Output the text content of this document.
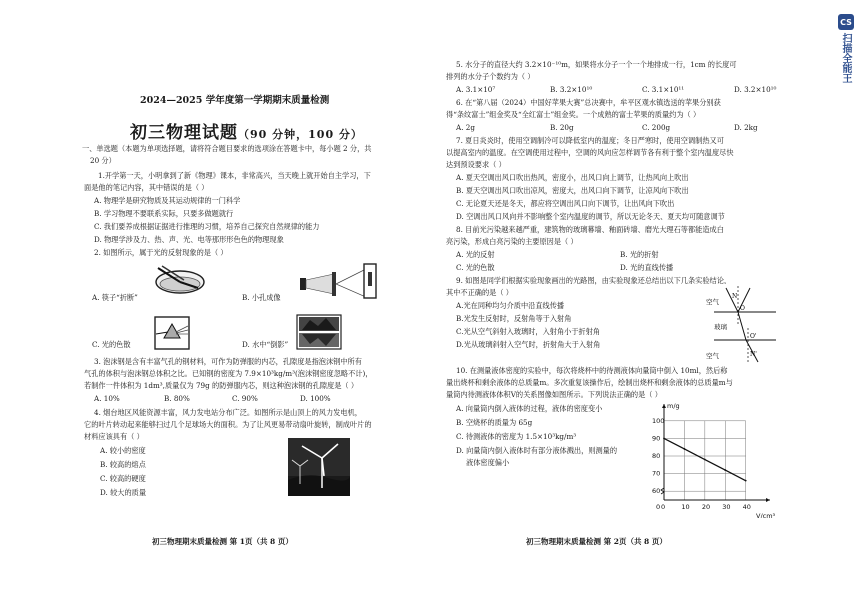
2024—2025 学年度第一学期期末质量检测
初三物理试题（90 分钟，100 分）
一、单选题（本题为单项选择题，请将符合题目要求的选项涂在答题卡中，每小题 2 分，共
20 分）
1.开学第一天，小明拿到了新《物理》课本，非常高兴，当天晚上就开始自主学习，下
面是他的笔记内容，其中错误的是（ ）
A. 物理学是研究物质及其运动规律的一门科学
B. 学习物理不要联系实际，只要多做题就行
C. 我们要养成根据证据进行推理的习惯，培养自己探究自然规律的能力
D. 物理学涉及力、热、声、光、电等那形形色色的物理现象
2. 如图所示，属于光的反射现象的是（ ）
A. 筷子“折断”	B. 小孔成像
C. 光的色散	D. 水中“倒影”
3. 泡沫钢是含有丰富气孔的钢材料，可作为防弹服的内芯，孔隙度是指泡沫钢中所有
气孔的体积与泡沫钢总体积之比。已知钢的密度为 7.9×10³kg/m³(泡沫钢密度忽略不计)，
若制作一件体积为 1dm³,质量仅为 79g 的防弹服内芯，则这种泡沫钢的孔隙度是（ ）
A. 10%	B. 80%	C. 90%	D. 100%
4. 烟台地区风能资源丰富，风力发电站分布广泛。如图所示是山顶上的风力发电机，
它的叶片转动起来能够扫过几个足球场大的面积。为了让风更易带动扇叶旋转，制成叶片的
材料应该具有（ ）
A. 较小的密度
B. 较高的熔点
C. 较高的硬度
D. 较大的质量
初三物理期末质量检测 第 1页（共 8 页）
5. 水分子的直径大约 3.2×10⁻¹⁰m，如果将水分子一个一个地排成一行，1cm 的长度可
排列的水分子个数约为（ ）
A. 3.1×10⁷	B. 3.2×10¹⁰	C. 3.1×10¹¹	D. 3.2×10¹⁰
6. 在“第八届（2024）中国好苹果大赛”总决赛中，牟平区观水镇选送的苹果分别获
得“条纹富士”组金奖及“全红富士”组金奖。一个成熟的富士苹果的质量约为（ ）
A. 2g	B. 20g	C. 200g	D. 2kg
7. 夏日炎炎时，使用空调制冷可以降低室内的温度；冬日严寒时，使用空调制热又可
以提高室内的温度。在空调使用过程中，空调的风向应怎样调节各有利于整个室内温度尽快
达到预设要求（ ）
A. 夏天空调出风口吹出热风，密度小，出风口向上调节，让热风向上吹出
B. 夏天空调出风口吹出凉风，密度大，出风口向下调节，让凉风向下吹出
C. 无论夏天还是冬天，都应将空调出风口向下调节，让出风向下吹出
D. 空调出风口风向并不影响整个室内温度的调节，所以无论冬天、夏天均可随意调节
8. 目前光污染越来越严重，建筑物的玻璃幕墙、釉面砖墙、磨光大理石等都能造成白
亮污染，形成白亮污染的主要原因是（ ）
A. 光的反射	B. 光的折射
C. 光的色散	D. 光的直线传播
9. 如图是同学们根据实验现象画出的光路图，由实验现象还总结出以下几条实验结论，
其中不正确的是（ ）
A.光在同种均匀介质中沿直线传播
B.光发生反射时，反射角等于入射角
C.光从空气斜射入玻璃时，入射角小于折射角
D.光从玻璃斜射入空气时，折射角大于入射角
N
O
O'
N'
空气
玻璃
空气
10. 在测量液体密度的实验中，每次将烧杯中的待测液体向量筒中倒入 10ml，然后称
量出烧杯和剩余液体的总质量m。多次重复该操作后，绘制出烧杯和剩余液体的总质量m与
量筒内待测液体体积V的关系图像如图所示。下列说法正确的是（ ）
A. 向量筒内倒入液体的过程，液体的密度变小
B. 空烧杯的质量为 65g
C. 待测液体的密度为 1.5×10³kg/m³
D. 向量筒内倒入液体时有部分液体溅出，则测量的
液体密度偏小
0	10 20 30 40
60
70
80
90
100
m/g
V/cm³
0
初三物理期末质量检测 第 2页（共 8 页）
CS
扫描全能王
